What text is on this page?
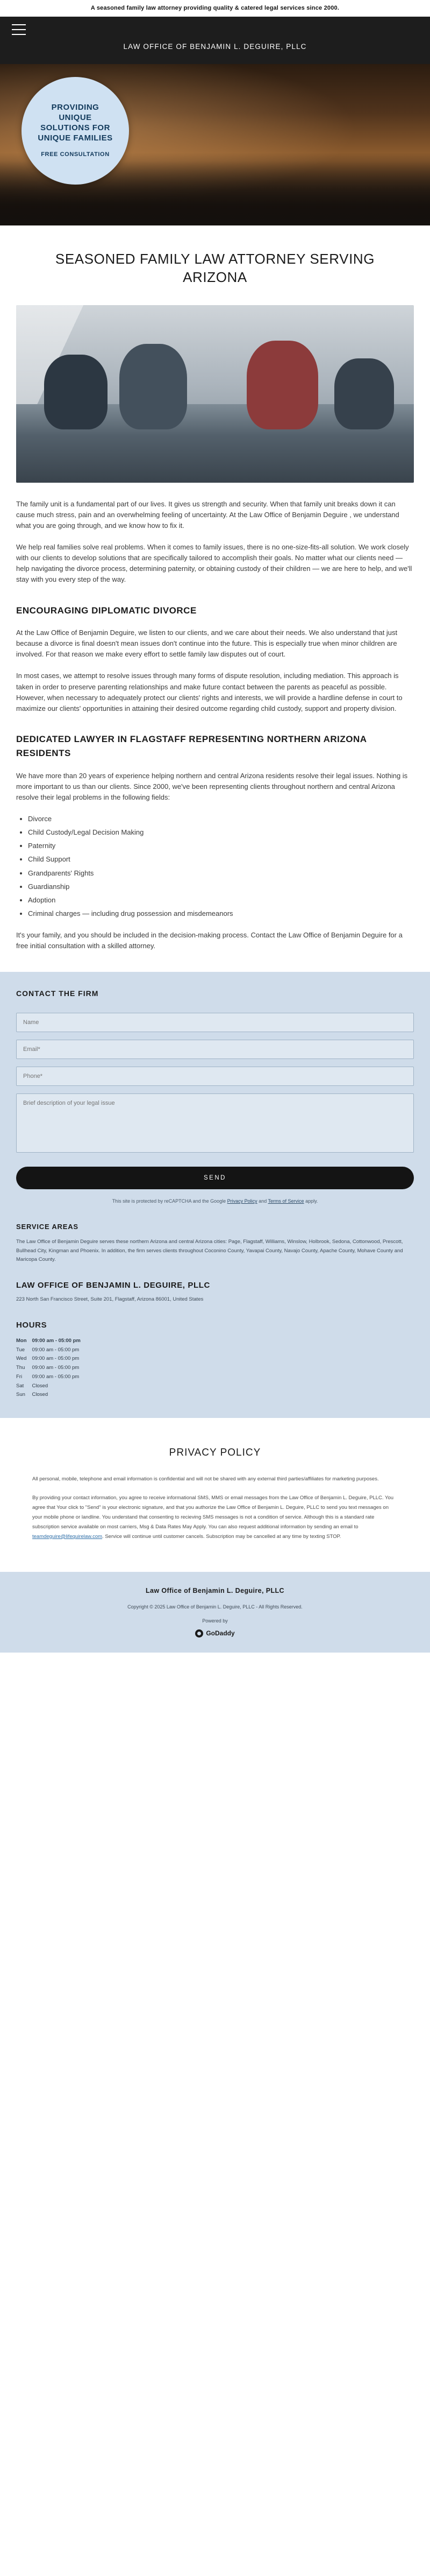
A seasoned family law attorney providing quality & catered legal services since 2000.
LAW OFFICE OF BENJAMIN L. DEGUIRE, PLLC
PROVIDING UNIQUE SOLUTIONS FOR UNIQUE FAMILIES
FREE CONSULTATION
SEASONED FAMILY LAW ATTORNEY SERVING ARIZONA

The family unit is a fundamental part of our lives. It gives us strength and security. When that family unit breaks down it can cause much stress, pain and an overwhelming feeling of uncertainty. At the Law Office of Benjamin Deguire , we understand what you are going through, and we know how to fix it.

We help real families solve real problems. When it comes to family issues, there is no one-size-fits-all solution. We work closely with our clients to develop solutions that are specifically tailored to accomplish their goals. No matter what our clients need — help navigating the divorce process, determining paternity, or obtaining custody of their children — we are here to help, and we'll stay with you every step of the way.

ENCOURAGING DIPLOMATIC DIVORCE

At the Law Office of Benjamin Deguire, we listen to our clients, and we care about their needs. We also understand that just because a divorce is final doesn't mean issues don't continue into the future. This is especially true when minor children are involved. For that reason we make every effort to settle family law disputes out of court.

In most cases, we attempt to resolve issues through many forms of dispute resolution, including mediation. This approach is taken in order to preserve parenting relationships and make future contact between the parents as peaceful as possible. However, when necessary to adequately protect our clients' rights and interests, we will provide a hardline defense in court to maximize our clients' opportunities in attaining their desired outcome regarding child custody, support and property division.

DEDICATED LAWYER IN FLAGSTAFF REPRESENTING NORTHERN ARIZONA RESIDENTS

We have more than 20 years of experience helping northern and central Arizona residents resolve their legal issues. Nothing is more important to us than our clients. Since 2000, we've been representing clients throughout northern and central Arizona resolve their legal problems in the following fields:

• Divorce
• Child Custody/Legal Decision Making
• Paternity
• Child Support
• Grandparents' Rights
• Guardianship
• Adoption
• Criminal charges — including drug possession and misdemeanors

It's your family, and you should be included in the decision-making process. Contact the Law Office of Benjamin Deguire for a free initial consultation with a skilled attorney.

CONTACT THE FIRM
Name Email* Phone* Brief description of your legal issue SEND
This site is protected by reCAPTCHA and the Google Privacy Policy and Terms of Service apply.
SERVICE AREAS

The Law Office of Benjamin Deguire serves these northern Arizona and central Arizona cities: Page, Flagstaff, Williams, Winslow, Holbrook, Sedona, Cottonwood, Prescott, Bullhead City, Kingman and Phoenix. In addition, the firm serves clients throughout Coconino County, Yavapai County, Navajo County, Apache County, Mohave County and Maricopa County.

LAW OFFICE OF BENJAMIN L. DEGUIRE, PLLC

223 North San Francisco Street, Suite 201, Flagstaff, Arizona 86001, United States

HOURS
Mon	09:00 am - 05:00 pm
Tue	09:00 am - 05:00 pm
Wed	09:00 am - 05:00 pm
Thu	09:00 am - 05:00 pm
Fri	09:00 am - 05:00 pm
Sat	Closed
Sun	Closed
PRIVACY POLICY

All personal, mobile, telephone and email information is confidential and will not be shared with any external third parties/affiliates for marketing purposes.

By providing your contact information, you agree to receive informational SMS, MMS or email messages from the Law Office of Benjamin L. Deguire, PLLC. You agree that Your click to "Send" is your electronic signature, and that you authorize the Law Office of Benjamin L. Deguire, PLLC to send you text messages on your mobile phone or landline. You understand that consenting to recieving SMS messages is not a condition of service. Although this is a standard rate subscription service available on most carriers, Msg & Data Rates May Apply. You can also request additional information by sending an email to teamdeguire@lifequirelaw.com. Service will continue until customer cancels. Subscription may be cancelled at any time by texting STOP.

Law Office of Benjamin L. Deguire, PLLC
Copyright © 2025 Law Office of Benjamin L. Deguire, PLLC - All Rights Reserved.
Powered by
GoDaddy
